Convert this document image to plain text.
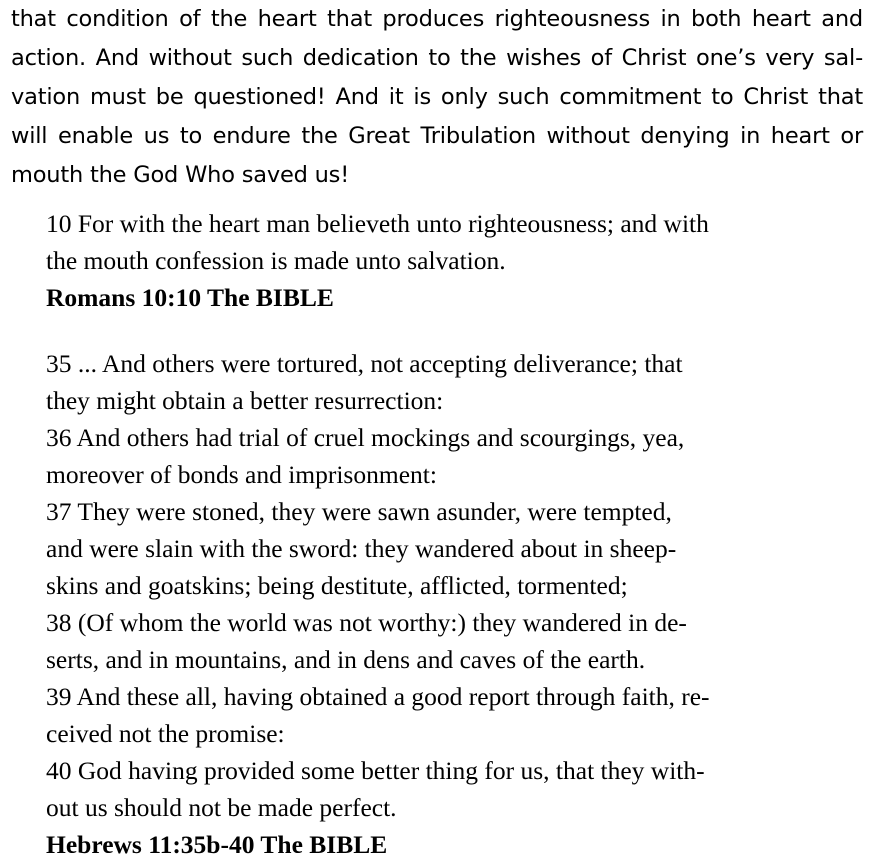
that condition of the heart that produces righteousness in both heart and
action. And without such dedication to the wishes of Christ one’s very sal-
vation must be questioned! And it is only such commitment to Christ that
will enable us to endure the Great Tribulation without denying in heart or
mouth the God Who saved us!
10 For with the heart man believeth unto righteousness; and with
the mouth confession is made unto salvation.
Romans 10:10 The BIBLE
35 ... And others were tortured, not accepting deliverance; that
they might obtain a better resurrection:
36 And others had trial of cruel mockings and scourgings, yea,
moreover of bonds and imprisonment:
37 They were stoned, they were sawn asunder, were tempted,
and were slain with the sword: they wandered about in sheep-
skins and goatskins; being destitute, afflicted, tormented;
38 (Of whom the world was not worthy:) they wandered in de-
serts, and in mountains, and in dens and caves of the earth.
39 And these all, having obtained a good report through faith, re-
ceived not the promise:
40 God having provided some better thing for us, that they with-
out us should not be made perfect.
Hebrews 11:35b-40 The BIBLE
